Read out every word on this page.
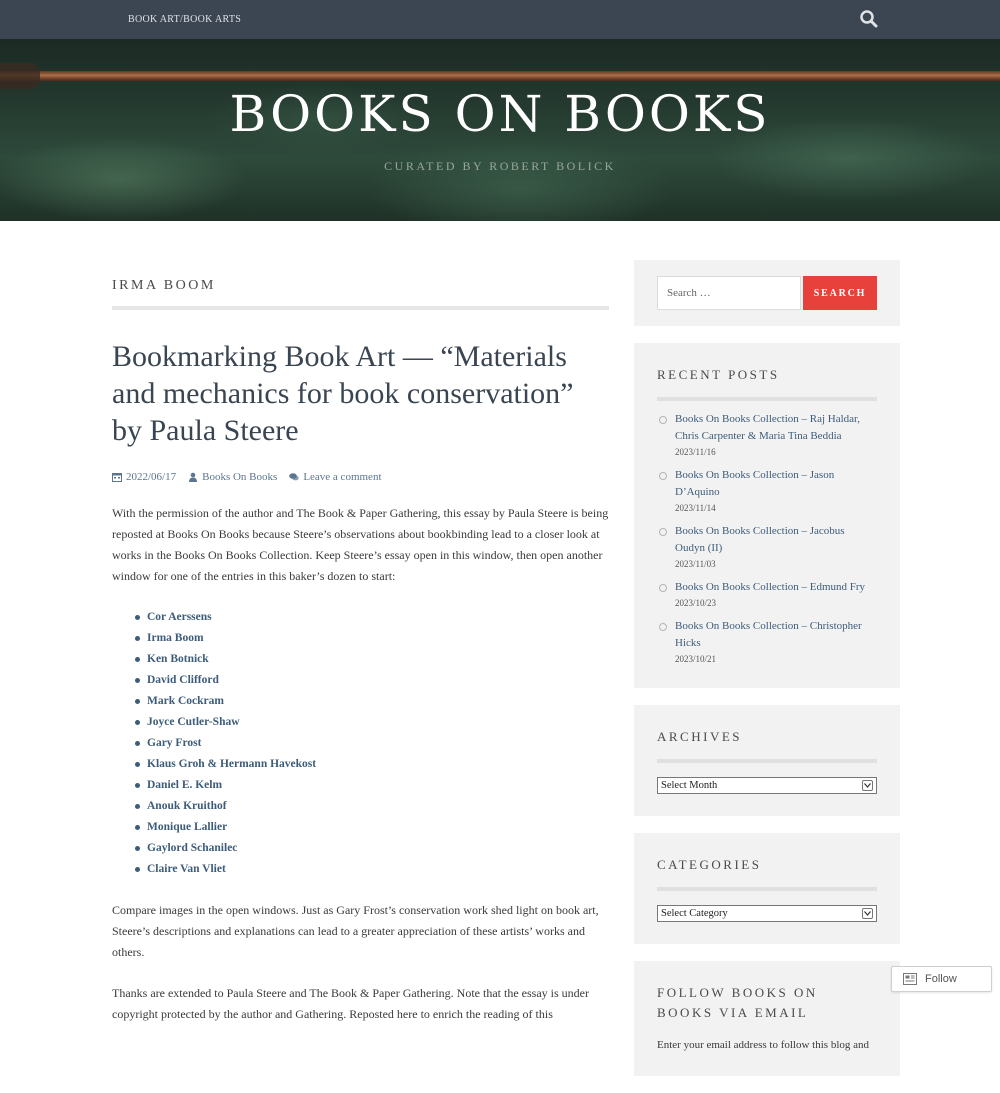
BOOK ART/BOOK ARTS
BOOKS ON BOOKS
CURATED BY ROBERT BOLICK
IRMA BOOM
Bookmarking Book Art — “Materials and mechanics for book conservation” by Paula Steere
2022/06/17 Books On Books Leave a comment

With the permission of the author and The Book & Paper Gathering, this essay by Paula Steere is being reposted at Books On Books because Steere’s observations about bookbinding lead to a closer look at works in the Books On Books Collection. Keep Steere’s essay open in this window, then open another window for one of the entries in this baker’s dozen to start:

Cor Aerssens
Irma Boom
Ken Botnick
David Clifford
Mark Cockram
Joyce Cutler-Shaw
Gary Frost
Klaus Groh & Hermann Havekost
Daniel E. Kelm
Anouk Kruithof
Monique Lallier
Gaylord Schanilec
Claire Van Vliet

Compare images in the open windows. Just as Gary Frost’s conservation work shed light on book art, Steere’s descriptions and explanations can lead to a greater appreciation of these artists’ works and others.

Thanks are extended to Paula Steere and The Book & Paper Gathering. Note that the essay is under copyright protected by the author and Gathering. Reposted here to enrich the reading of this

Search …
SEARCH
RECENT POSTS
Books On Books Collection – Raj Haldar, Chris Carpenter & Maria Tina Beddia
2023/11/16
Books On Books Collection – Jason D’Aquino
2023/11/14
Books On Books Collection – Jacobus Oudyn (II)
2023/11/03
Books On Books Collection – Edmund Fry
2023/10/23
Books On Books Collection – Christopher Hicks
2023/10/21
ARCHIVES
Select Month
CATEGORIES
Select Category
FOLLOW BOOKS ON BOOKS VIA EMAIL

Enter your email address to follow this blog and

Follow
